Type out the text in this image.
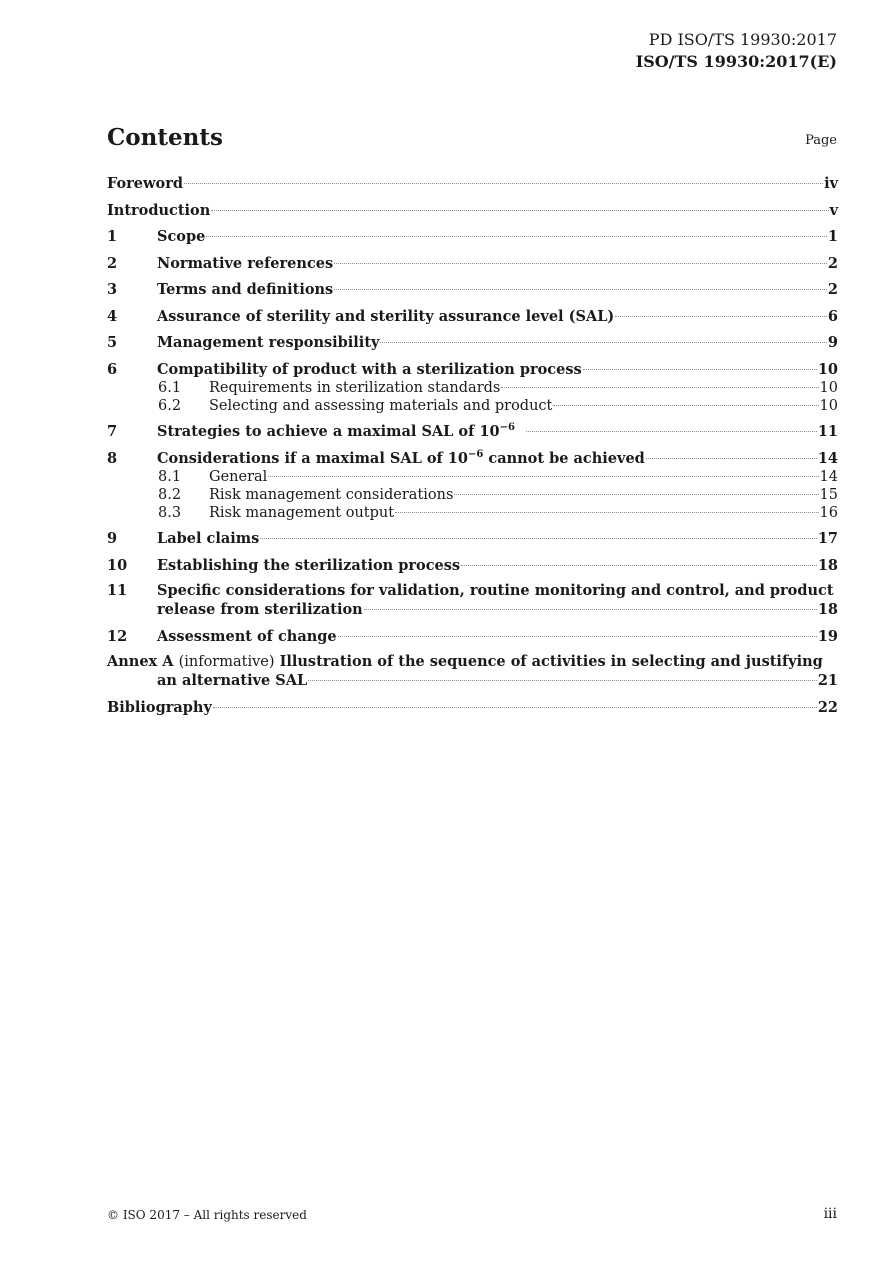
PD ISO/TS 19930:2017
ISO/TS 19930:2017(E)
Contents	Page
Foreword	iv
Introduction	v
1	Scope	1
2	Normative references	2
3	Terms and definitions	2
4	Assurance of sterility and sterility assurance level (SAL)	6
5	Management responsibility	9
6	Compatibility of product with a sterilization process	10
6.1	Requirements in sterilization standards	10
6.2	Selecting and assessing materials and product	10
7	Strategies to achieve a maximal SAL of $10^{-6}$	11
8	Considerations if a maximal SAL of $10^{-6}$ cannot be achieved	14
8.1	General	14
8.2	Risk management considerations	15
8.3	Risk management output	16
9	Label claims	17
10	Establishing the sterilization process	18
11	Specific considerations for validation, routine monitoring and control, and product
release from sterilization	18
12	Assessment of change	19
Annex A (informative) Illustration of the sequence of activities in selecting and justifying
an alternative SAL	21
Bibliography	22
© ISO 2017 – All rights reserved	iii
